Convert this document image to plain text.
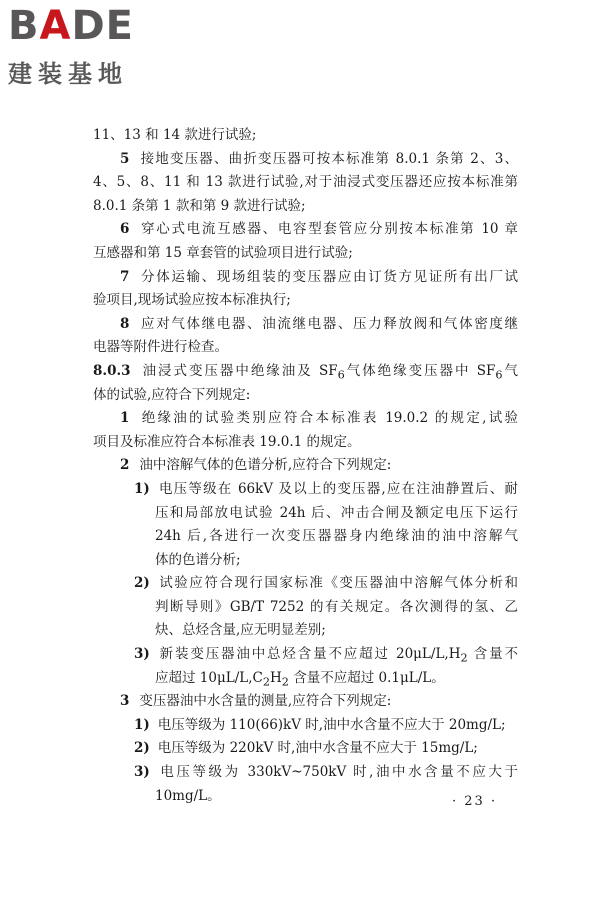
BADE
建装基地
11、13 和 14 款进行试验;
5 接地变压器、曲折变压器可按本标准第 8.0.1 条第 2、3、
4、5、8、11 和 13 款进行试验,对于油浸式变压器还应按本标准第
8.0.1 条第 1 款和第 9 款进行试验;
6 穿心式电流互感器、电容型套管应分别按本标准第 10 章
互感器和第 15 章套管的试验项目进行试验;
7 分体运输、现场组装的变压器应由订货方见证所有出厂试
验项目,现场试验应按本标准执行;
8 应对气体继电器、油流继电器、压力释放阀和气体密度继
电器等附件进行检查。
8.0.3 油浸式变压器中绝缘油及 $SF_6$气体绝缘变压器中 $SF_6$气
体的试验,应符合下列规定:
1 绝缘油的试验类别应符合本标准表 19.0.2 的规定,试验
项目及标准应符合本标准表 19.0.1 的规定。
2 油中溶解气体的色谱分析,应符合下列规定:
1) 电压等级在 66kV 及以上的变压器,应在注油静置后、耐
压和局部放电试验 24h 后、冲击合闸及额定电压下运行
24h 后,各进行一次变压器器身内绝缘油的油中溶解气
体的色谱分析;
2) 试验应符合现行国家标准《变压器油中溶解气体分析和
判断导则》GB/T 7252 的有关规定。各次测得的氢、乙
炔、总烃含量,应无明显差别;
3) 新装变压器油中总烃含量不应超过 $20\mu L/L,H_2$ 含量不
应超过 $10\mu L/L,C_2H_2$ 含量不应超过 0.1μL/L。
3 变压器油中水含量的测量,应符合下列规定:
1) 电压等级为 110(66)kV 时,油中水含量不应大于 20mg/L;
2) 电压等级为 220kV 时,油中水含量不应大于 15mg/L;
3) 电压等级为 330kV~750kV 时,油中水含量不应大于
10mg/L。	· 23 ·
